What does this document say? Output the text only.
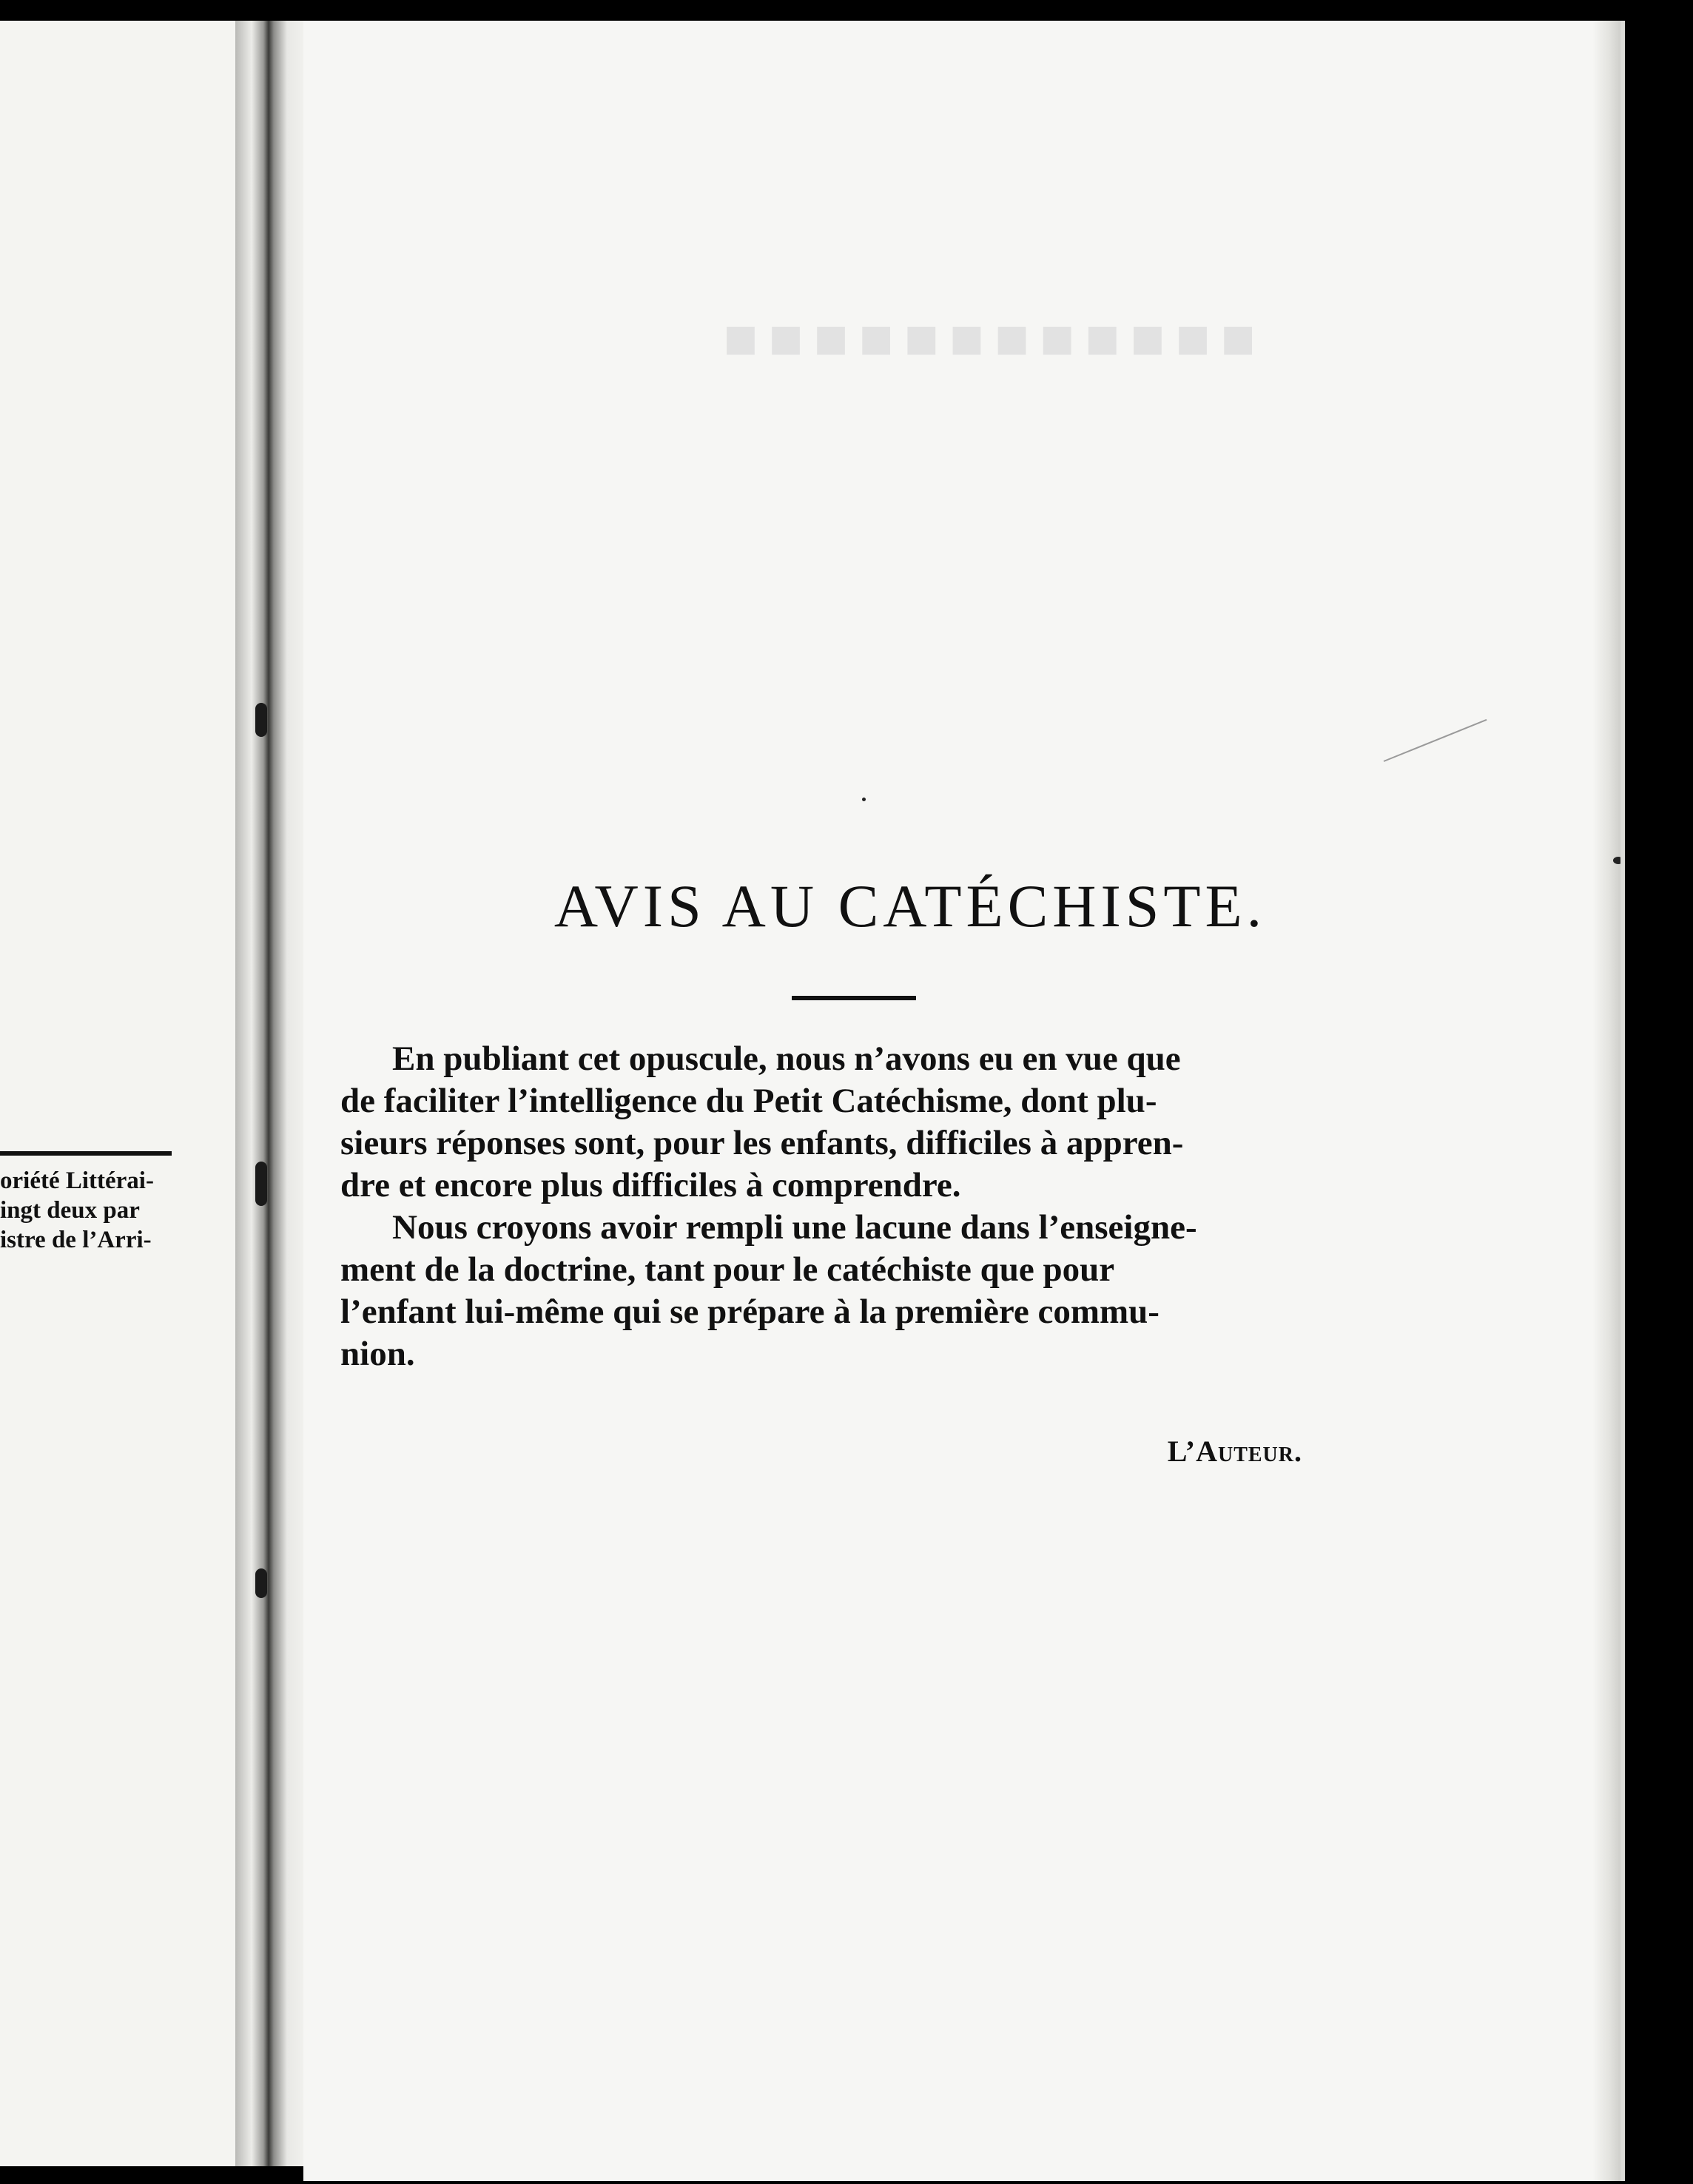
oriété Littérai-
ingt deux par
istre de l’Arri-
■■■■■■■■■■■■
AVIS AU CATÉCHISTE.

En publiant cet opuscule, nous n’avons eu en vue que
de faciliter l’intelligence du Petit Catéchisme, dont plu-
sieurs réponses sont, pour les enfants, difficiles à appren-
dre et encore plus difficiles à comprendre.

Nous croyons avoir rempli une lacune dans l’enseigne-
ment de la doctrine, tant pour le catéchiste que pour
l’enfant lui-même qui se prépare à la première commu-
nion.

L’Auteur.
